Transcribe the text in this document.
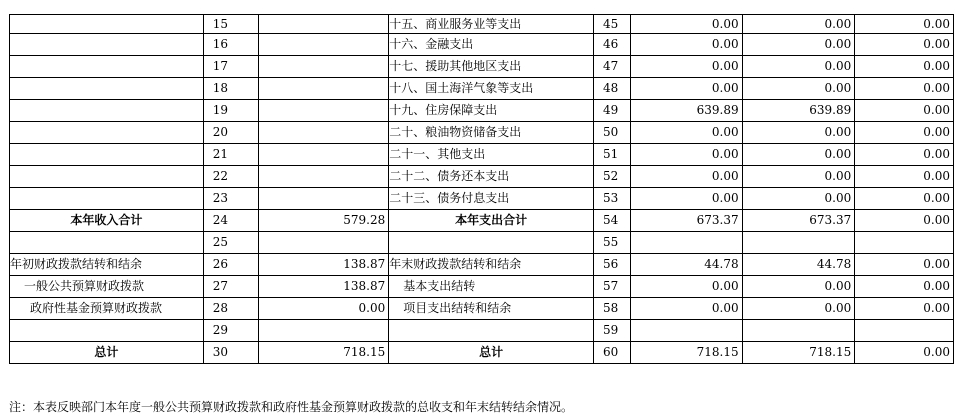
	15		十五、商业服务业等支出	45	0.00	0.00	0.00
	16		十六、金融支出	46	0.00	0.00	0.00
	17		十七、援助其他地区支出	47	0.00	0.00	0.00
	18		十八、国土海洋气象等支出	48	0.00	0.00	0.00
	19		十九、住房保障支出	49	639.89	639.89	0.00
	20		二十、粮油物资储备支出	50	0.00	0.00	0.00
	21		二十一、其他支出	51	0.00	0.00	0.00
	22		二十二、债务还本支出	52	0.00	0.00	0.00
	23		二十三、债务付息支出	53	0.00	0.00	0.00
本年收入合计	24	579.28	本年支出合计	54	673.37	673.37	0.00
	25			55			
年初财政拨款结转和结余	26	138.87	年末财政拨款结转和结余	56	44.78	44.78	0.00
一般公共预算财政拨款	27	138.87	基本支出结转	57	0.00	0.00	0.00
政府性基金预算财政拨款	28	0.00	项目支出结转和结余	58	0.00	0.00	0.00
	29			59			
总计	30	718.15	总计	60	718.15	718.15	0.00
注：本表反映部门本年度一般公共预算财政拨款和政府性基金预算财政拨款的总收支和年末结转结余情况。
